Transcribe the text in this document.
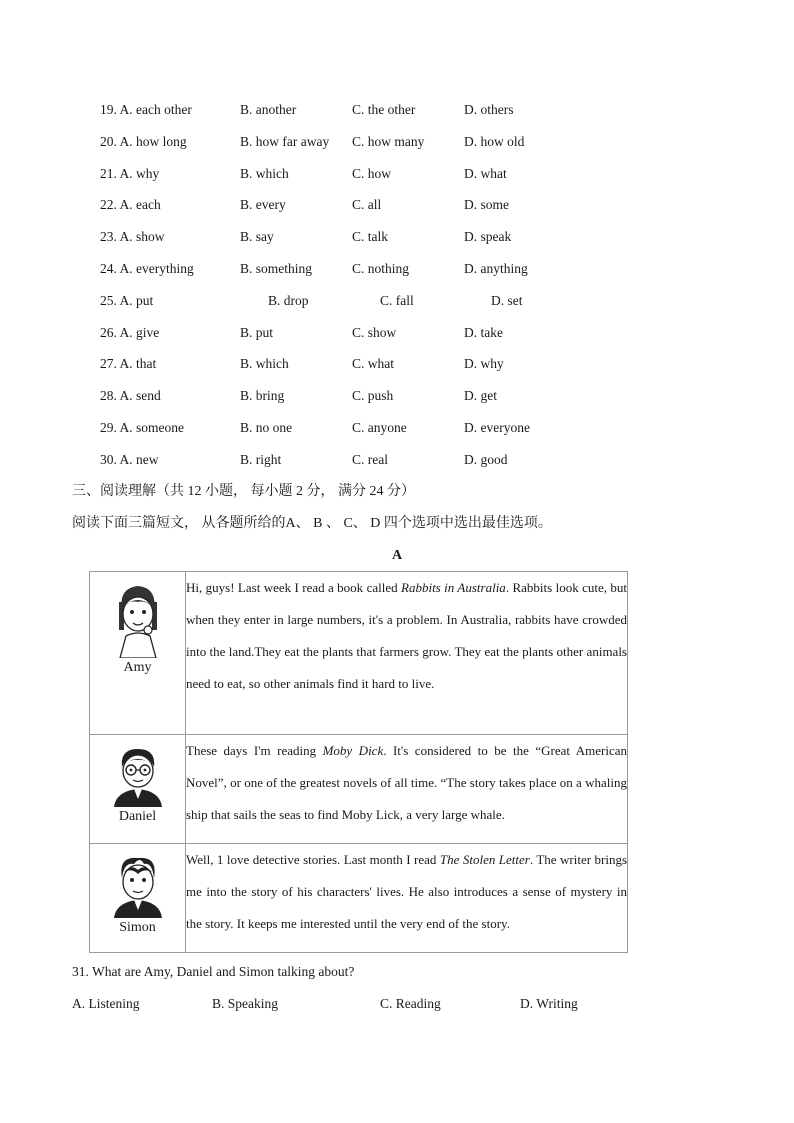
19. A. each other	B. another	C. the other	D. others
20. A. how long	B. how far away C. how many	D. how old
21. A. why	B. which	C. how	D. what
22. A. each	B. every	C. all	D. some
23. A. show	B. say	C. talk	D. speak
24. A. everything	B. something	C. nothing	D. anything
25. A. put	B. drop	C. fall	D. set
26. A. give	B. put	C. show	D. take
27. A. that	B. which	C. what	D. why
28. A. send	B. bring	C. push	D. get
29. A. someone	B. no one	C. anyone	D. everyone
30. A. new	B. right	C. real	D. good
三、阅读理解（共 12 小题， 每小题 2 分， 满分 24 分）
阅读下面三篇短文， 从各题所给的A、 B 、 C、 D 四个选项中选出最佳选项。
A
Amy	Hi, guys! Last week I read a book called Rabbits in Australia. Rabbits look cute, but when they enter in large numbers, it's a problem. In Australia, rabbits have crowded into the land.They eat the plants that farmers grow. They eat the plants other animals need to eat, so other animals find it hard to live.

Daniel	These days I'm reading Moby Dick. It's considered to be the “Great American Novel”, or one of the greatest novels of all time. “The story takes place on a whaling ship that sails the seas to find Moby Lick, a very large whale.

Simon	Well, 1 love detective stories. Last month I read The Stolen Letter. The writer brings me into the story of his characters' lives. He also introduces a sense of mystery in the story. It keeps me interested until the very end of the story.
31. What are Amy, Daniel and Simon talking about?
A. Listening	B. Speaking	C. Reading	D. Writing
